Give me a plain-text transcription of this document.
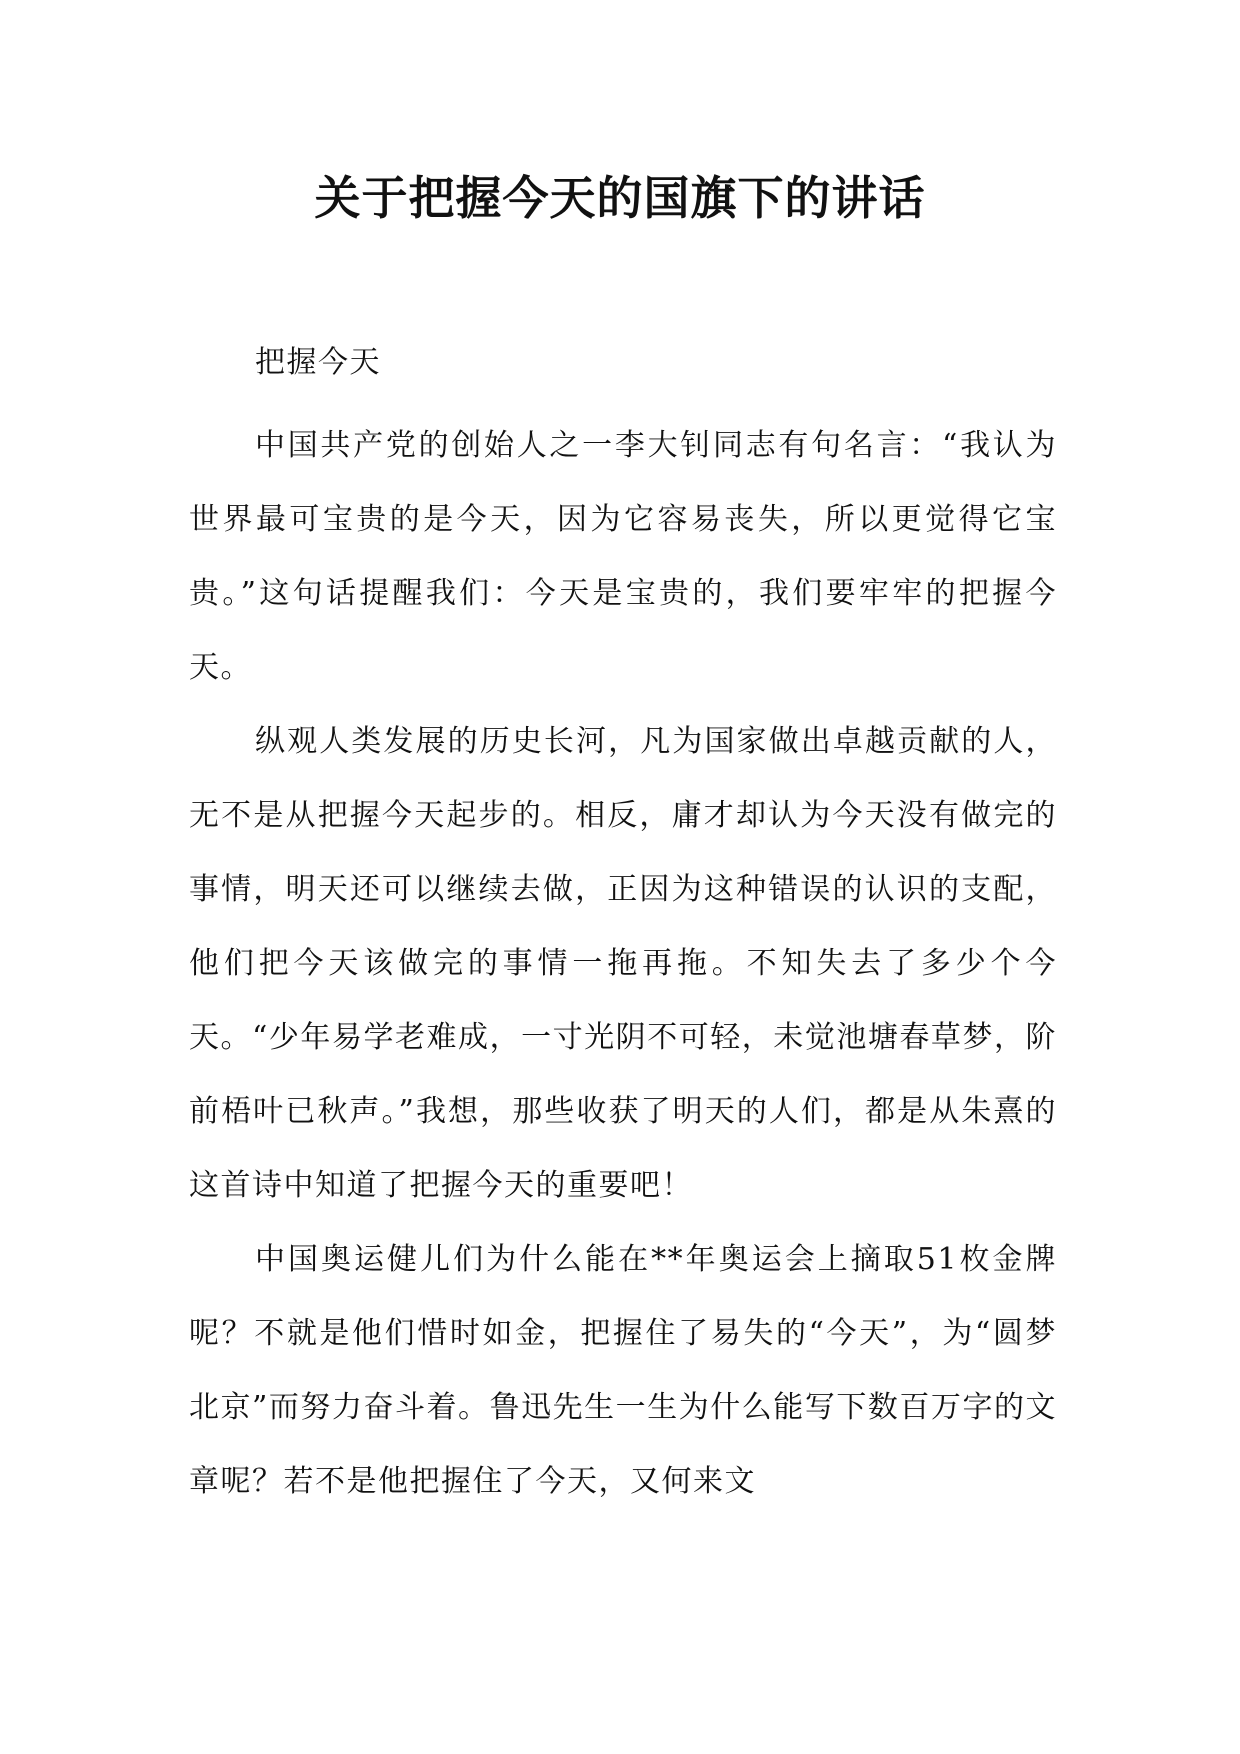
关于把握今天的国旗下的讲话

把握今天

中国共产党的创始人之一李大钊同志有句名言：“我认为世界最可宝贵的是今天，因为它容易丧失，所以更觉得它宝贵。”这句话提醒我们：今天是宝贵的，我们要牢牢的把握今天。

纵观人类发展的历史长河，凡为国家做出卓越贡献的人，无不是从把握今天起步的。相反，庸才却认为今天没有做完的事情，明天还可以继续去做，正因为这种错误的认识的支配，他们把今天该做完的事情一拖再拖。不知失去了多少个今天。“少年易学老难成，一寸光阴不可轻，未觉池塘春草梦，阶前梧叶已秋声。”我想，那些收获了明天的人们，都是从朱熹的这首诗中知道了把握今天的重要吧！

中国奥运健儿们为什么能在**年奥运会上摘取51枚金牌呢？不就是他们惜时如金，把握住了易失的“今天”，为“圆梦北京”而努力奋斗着。鲁迅先生一生为什么能写下数百万字的文章呢？若不是他把握住了今天，又何来文
